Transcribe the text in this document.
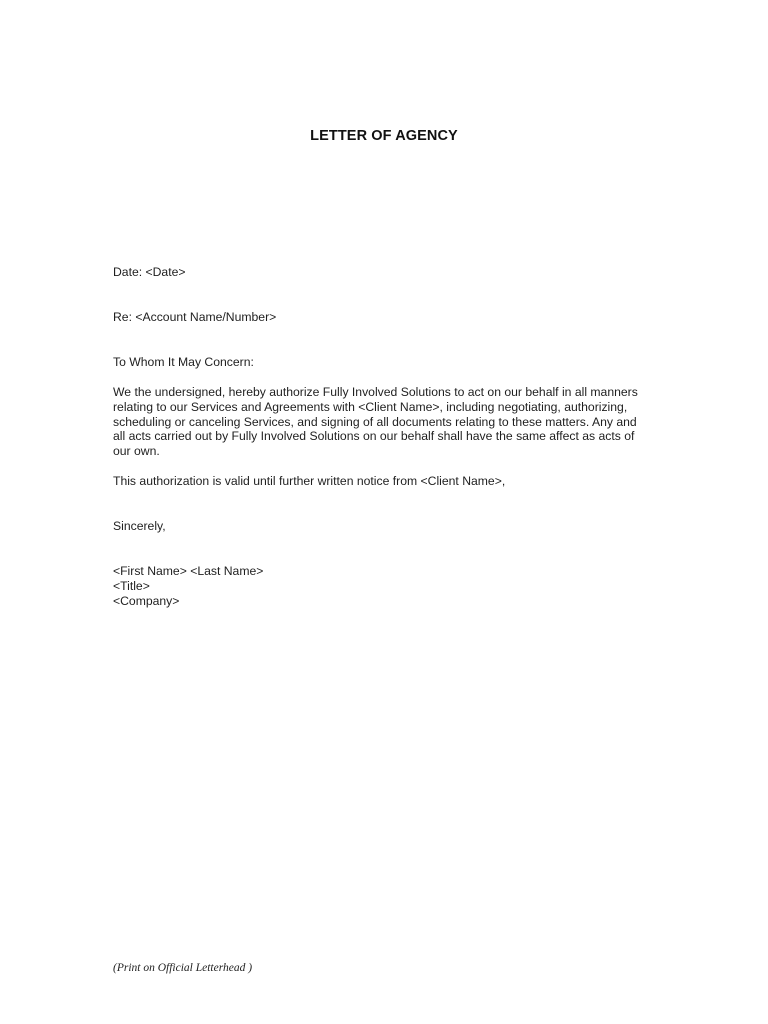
LETTER OF AGENCY
Date: <Date>
Re: <Account Name/Number>
To Whom It May Concern:
We the undersigned, hereby authorize Fully Involved Solutions to act on our behalf in all manners
relating to our Services and Agreements with <Client Name>, including negotiating, authorizing,
scheduling or canceling Services, and signing of all documents relating to these matters. Any and
all acts carried out by Fully Involved Solutions on our behalf shall have the same affect as acts of
our own.
This authorization is valid until further written notice from <Client Name>,
Sincerely,
<First Name> <Last Name>
<Title>
<Company>
(Print on Official Letterhead )
